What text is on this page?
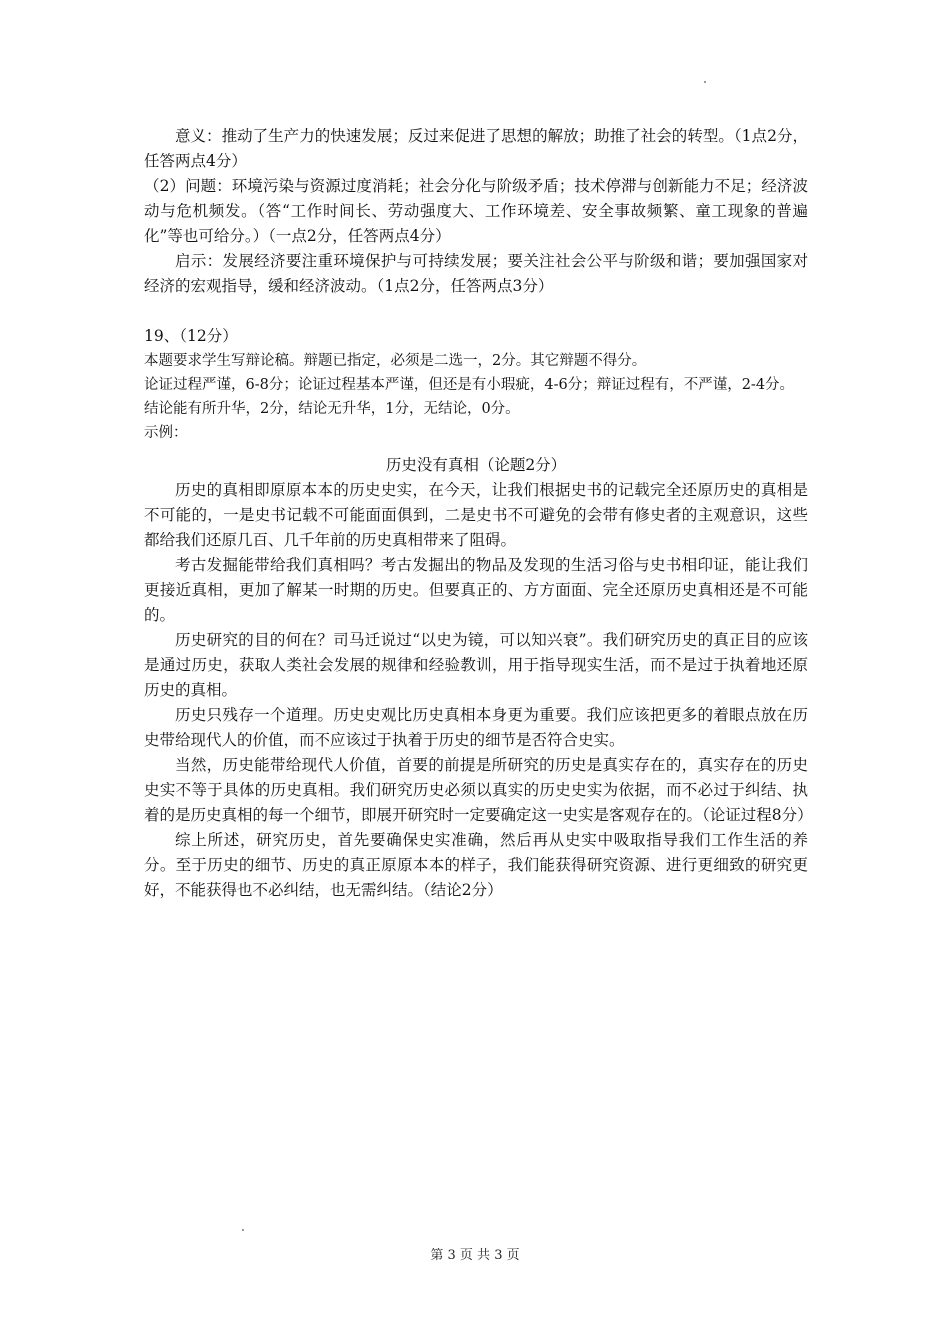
意义：推动了生产力的快速发展；反过来促进了思想的解放；助推了社会的转型。（1点2分，任答两点4分）

（2）问题：环境污染与资源过度消耗；社会分化与阶级矛盾；技术停滞与创新能力不足；经济波动与危机频发。（答“工作时间长、劳动强度大、工作环境差、安全事故频繁、童工现象的普遍化”等也可给分。）（一点2分，任答两点4分）

启示：发展经济要注重环境保护与可持续发展；要关注社会公平与阶级和谐；要加强国家对经济的宏观指导，缓和经济波动。（1点2分，任答两点3分）

19、（12分）

本题要求学生写辩论稿。辩题已指定，必须是二选一，2分。其它辩题不得分。

论证过程严谨，6-8分；论证过程基本严谨，但还是有小瑕疵，4-6分；辩证过程有，不严谨，2-4分。

结论能有所升华，2分，结论无升华，1分，无结论，0分。

示例：

历史没有真相（论题2分）

历史的真相即原原本本的历史史实，在今天，让我们根据史书的记载完全还原历史的真相是不可能的，一是史书记载不可能面面俱到，二是史书不可避免的会带有修史者的主观意识，这些都给我们还原几百、几千年前的历史真相带来了阻碍。

考古发掘能带给我们真相吗？考古发掘出的物品及发现的生活习俗与史书相印证，能让我们更接近真相，更加了解某一时期的历史。但要真正的、方方面面、完全还原历史真相还是不可能的。

历史研究的目的何在？司马迁说过“以史为镜，可以知兴衰”。我们研究历史的真正目的应该是通过历史，获取人类社会发展的规律和经验教训，用于指导现实生活，而不是过于执着地还原历史的真相。

历史只残存一个道理。历史史观比历史真相本身更为重要。我们应该把更多的着眼点放在历史带给现代人的价值，而不应该过于执着于历史的细节是否符合史实。

当然，历史能带给现代人价值，首要的前提是所研究的历史是真实存在的，真实存在的历史史实不等于具体的历史真相。我们研究历史必须以真实的历史史实为依据，而不必过于纠结、执着的是历史真相的每一个细节，即展开研究时一定要确定这一史实是客观存在的。（论证过程8分）

综上所述，研究历史，首先要确保史实准确，然后再从史实中吸取指导我们工作生活的养分。至于历史的细节、历史的真正原原本本的样子，我们能获得研究资源、进行更细致的研究更好，不能获得也不必纠结，也无需纠结。（结论2分）

第 3 页 共 3 页
